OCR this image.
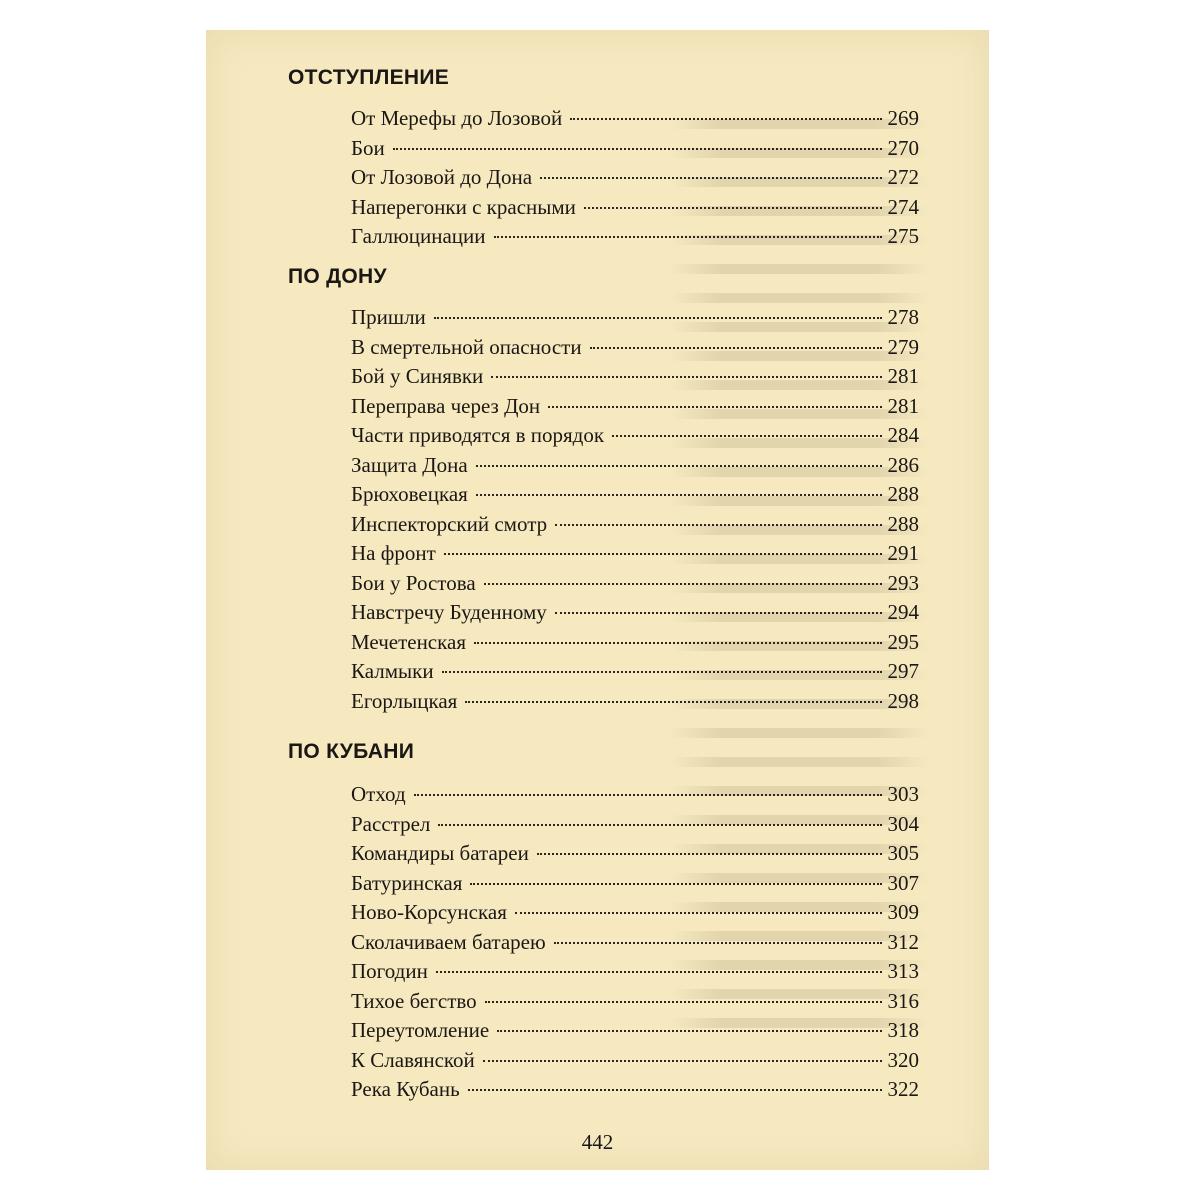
ОТСТУПЛЕНИЕ
От Мерефы до Лозовой	269
Бои	270
От Лозовой до Дона	272
Наперегонки с красными	274
Галлюцинации	275
ПО ДОНУ
Пришли	278
В смертельной опасности	279
Бой у Синявки	281
Переправа через Дон	281
Части приводятся в порядок	284
Защита Дона	286
Брюховецкая	288
Инспекторский смотр	288
На фронт	291
Бои у Ростова	293
Навстречу Буденному	294
Мечетенская	295
Калмыки	297
Егорлыцкая	298
ПО КУБАНИ
Отход	303
Расстрел	304
Командиры батареи	305
Батуринская	307
Ново-Корсунская	309
Сколачиваем батарею	312
Погодин	313
Тихое бегство	316
Переутомление	318
К Славянской	320
Река Кубань	322
442
